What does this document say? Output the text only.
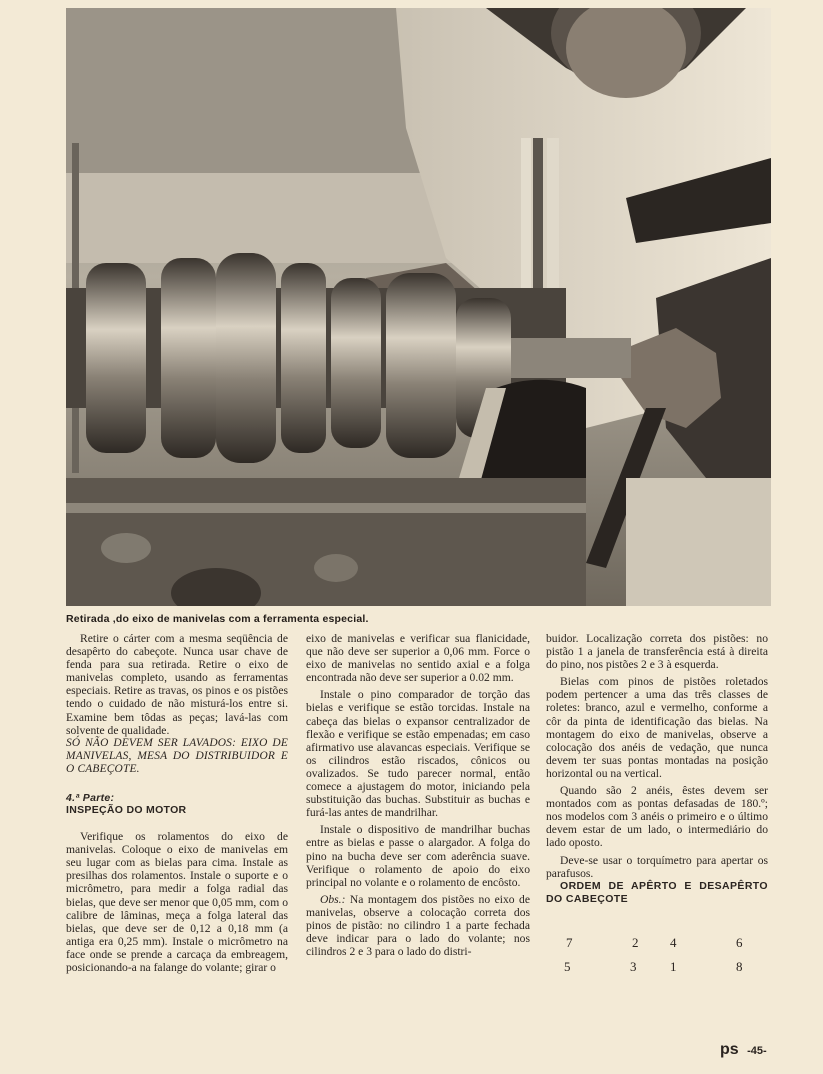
Retirada ,do eixo de manivelas com a ferramenta especial.

Retire o cárter com a mesma seqüência de desapêrto do cabeçote. Nunca usar chave de fenda para sua retirada. Retire o eixo de manivelas completo, usando as ferramentas especiais. Retire as travas, os pinos e os pistões tendo o cuidado de não misturá-los entre si. Examine bem tôdas as peças; lavá-las com solvente de qualidade.

SÓ NÃO DEVEM SER LAVADOS: EIXO DE MANIVELAS, MESA DO DISTRIBUIDOR E O CABEÇOTE.

4.ª Parte:
INSPEÇÃO DO MOTOR

Verifique os rolamentos do eixo de manivelas. Coloque o eixo de manivelas em seu lugar com as bielas para cima. Instale as presilhas dos rolamentos. Instale o suporte e o micrômetro, para medir a folga radial das bielas, que deve ser menor que 0,05 mm, com o calibre de lâminas, meça a folga lateral das bielas, que deve ser de 0,12 a 0,18 mm (a antiga era 0,25 mm). Instale o micrômetro na face onde se prende a carcaça da embreagem, posicionando-a na falange do volante; girar o

eixo de manivelas e verificar sua flanicidade, que não deve ser superior a 0,06 mm. Force o eixo de manivelas no sentido axial e a folga encontrada não deve ser superior a 0.02 mm.

Instale o pino comparador de torção das bielas e verifique se estão torcidas. Instale na cabeça das bielas o expansor centralizador de flexão e verifique se estão empenadas; em caso afirmativo use alavancas especiais. Verifique se os cilindros estão riscados, cônicos ou ovalizados. Se tudo parecer normal, então comece a ajustagem do motor, iniciando pela substituição das buchas. Substituir as buchas e furá-las antes de mandrilhar.

Instale o dispositivo de mandrilhar buchas entre as bielas e passe o alargador. A folga do pino na bucha deve ser com aderência suave. Verifique o rolamento de apoio do eixo principal no volante e o rolamento de encôsto.

Obs.: Na montagem dos pistões no eixo de manivelas, observe a colocação correta dos pinos de pistão: no cilindro 1 a parte fechada deve indicar para o lado do volante; nos cilindros 2 e 3 para o lado do distri-

buidor. Localização correta dos pistões: no pistão 1 a janela de transferência está à direita do pino, nos pistões 2 e 3 à esquerda.

Bielas com pinos de pistões roletados podem pertencer a uma das três classes de roletes: branco, azul e vermelho, conforme a côr da pinta de identificação das bielas. Na montagem do eixo de manivelas, observe a colocação dos anéis de vedação, que nunca devem ter suas pontas montadas na posição horizontal ou na vertical.

Quando são 2 anéis, êstes devem ser montados com as pontas defasadas de 180.º; nos modelos com 3 anéis o primeiro e o último devem estar de um lado, o intermediário do lado oposto.

Deve-se usar o torquímetro para apertar os parafusos.

ORDEM DE APÊRTO E DESAPÊRTO DO CABEÇOTE

7	2 4	6
5	3	1	8
ps -45-
